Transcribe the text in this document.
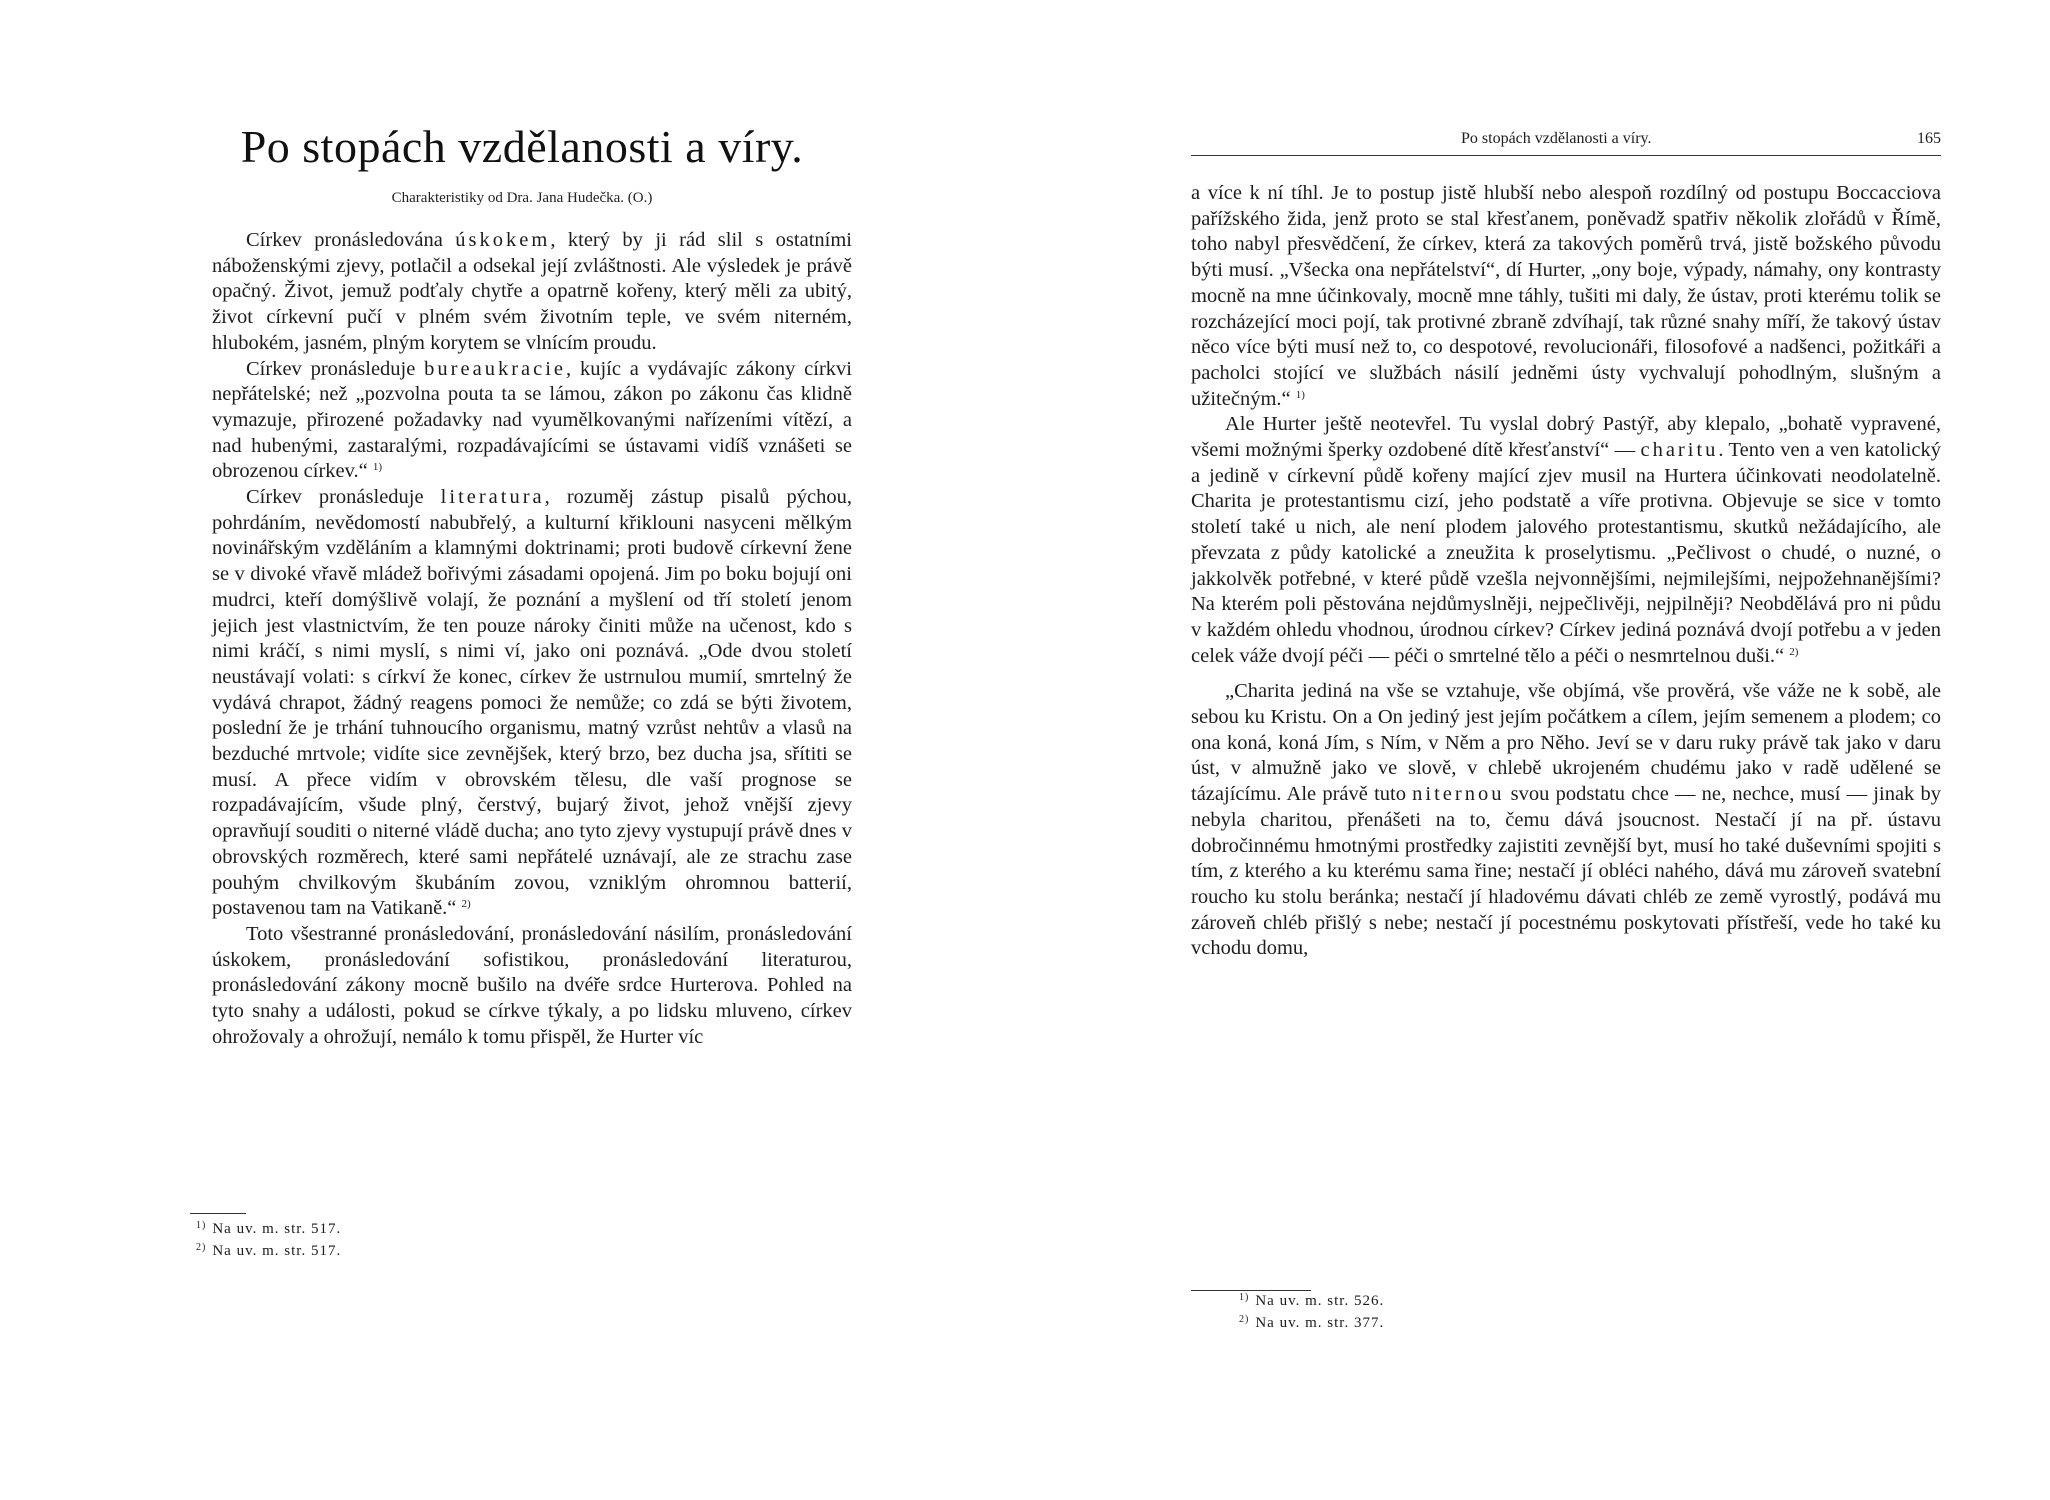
Po stopách vzdělanosti a víry.
Charakteristiky od Dra. Jana Hudečka. (O.)

Církev pronásledována úskokem, který by ji rád slil s ostatními náboženskými zjevy, potlačil a odsekal její zvláštnosti. Ale výsledek je právě opačný. Život, jemuž podťaly chytře a opatrně kořeny, který měli za ubitý, život církevní pučí v plném svém životním teple, ve svém niterném, hlubokém, jasném, plným korytem se vlnícím proudu.

Církev pronásleduje bureaukracie, kujíc a vydávajíc zákony církvi nepřátelské; než „pozvolna pouta ta se lámou, zákon po zákonu čas klidně vymazuje, přirozené požadavky nad vyumělkovanými nařízeními vítězí, a nad hubenými, zastaralými, rozpadávajícími se ústavami vidíš vznášeti se obrozenou církev.“ $^{1)}$

Církev pronásleduje literatura, rozuměj zástup pisalů pýchou, pohrdáním, nevědomostí nabubřelý, a kulturní křiklouni nasyceni mělkým novinářským vzděláním a klamnými doktrinami; proti budově církevní žene se v divoké vřavě mládež bořivými zásadami opojená. Jim po boku bojují oni mudrci, kteří domýšlivě volají, že poznání a myšlení od tří století jenom jejich jest vlastnictvím, že ten pouze nároky činiti může na učenost, kdo s nimi kráčí, s nimi myslí, s nimi ví, jako oni poznává. „Ode dvou století neustávají volati: s církví že konec, církev že ustrnulou mumií, smrtelný že vydává chrapot, žádný reagens pomoci že nemůže; co zdá se býti životem, poslední že je trhání tuhnoucího organismu, matný vzrůst nehtův a vlasů na bezduché mrtvole; vidíte sice zevnějšek, který brzo, bez ducha jsa, sřítiti se musí. A přece vidím v obrovském tělesu, dle vaší prognose se rozpadávajícím, všude plný, čerstvý, bujarý život, jehož vnější zjevy opravňují souditi o niterné vládě ducha; ano tyto zjevy vystupují právě dnes v obrovských rozměrech, které sami nepřátelé uznávají, ale ze strachu zase pouhým chvilkovým škubáním zovou, vzniklým ohromnou batterií, postavenou tam na Vatikaně.“ $^{2)}$

Toto všestranné pronásledování, pronásledování násilím, pronásledování úskokem, pronásledování sofistikou, pronásledování literaturou, pronásledování zákony mocně bušilo na dvéře srdce Hurterova. Pohled na tyto snahy a události, pokud se církve týkaly, a po lidsku mluveno, církev ohrožovaly a ohrožují, nemálo k tomu přispěl, že Hurter víc

$^{1)}$ Na uv. m. str. 517.
$^{2)}$ Na uv. m. str. 517.
Po stopách vzdělanosti a víry.	165

a více k ní tíhl. Je to postup jistě hlubší nebo alespoň rozdílný od postupu Boccacciova pařížského žida, jenž proto se stal křesťanem, poněvadž spatřiv několik zlořádů v Římě, toho nabyl přesvědčení, že církev, která za takových poměrů trvá, jistě božského původu býti musí. „Všecka ona nepřátelství“, dí Hurter, „ony boje, výpady, námahy, ony kontrasty mocně na mne účinkovaly, mocně mne táhly, tušiti mi daly, že ústav, proti kterému tolik se rozcházející moci pojí, tak protivné zbraně zdvíhají, tak různé snahy míří, že takový ústav něco více býti musí než to, co despotové, revolucionáři, filosofové a nadšenci, požitkáři a pacholci stojící ve službách násilí jedněmi ústy vychvalují pohodlným, slušným a užitečným.“ $^{1)}$

Ale Hurter ještě neotevřel. Tu vyslal dobrý Pastýř, aby klepalo, „bohatě vypravené, všemi možnými šperky ozdobené dítě křesťanství“ — charitu. Tento ven a ven katolický a jedině v církevní půdě kořeny mající zjev musil na Hurtera účinkovati neodolatelně. Charita je protestantismu cizí, jeho podstatě a víře protivna. Objevuje se sice v tomto století také u nich, ale není plodem jalového protestantismu, skutků nežádajícího, ale převzata z půdy katolické a zneužita k proselytismu. „Pečlivost o chudé, o nuzné, o jakkolvěk potřebné, v které půdě vzešla nejvonnějšími, nejmilejšími, nejpožehnanějšími? Na kterém poli pěstována nejdůmyslněji, nejpečlivěji, nejpilněji? Neobdělává pro ni půdu v každém ohledu vhodnou, úrodnou církev? Církev jediná poznává dvojí potřebu a v jeden celek váže dvojí péči — péči o smrtelné tělo a péči o nesmrtelnou duši.“ $^{2)}$

„Charita jediná na vše se vztahuje, vše objímá, vše prověrá, vše váže ne k sobě, ale sebou ku Kristu. On a On jediný jest jejím počátkem a cílem, jejím semenem a plodem; co ona koná, koná Jím, s Ním, v Něm a pro Něho. Jeví se v daru ruky právě tak jako v daru úst, v almužně jako ve slově, v chlebě ukrojeném chudému jako v radě udělené se tázajícímu. Ale právě tuto niternou svou podstatu chce — ne, nechce, musí — jinak by nebyla charitou, přenášeti na to, čemu dává jsoucnost. Nestačí jí na př. ústavu dobročinnému hmotnými prostředky zajistiti zevnější byt, musí ho také duševními spojiti s tím, z kterého a ku kterému sama řine; nestačí jí obléci nahého, dává mu zároveň svatební roucho ku stolu beránka; nestačí jí hladovému dávati chléb ze země vyrostlý, podává mu zároveň chléb přišlý s nebe; nestačí jí pocestnému poskytovati přístřeší, vede ho také ku vchodu domu,

$^{1)}$ Na uv. m. str. 526.
$^{2)}$ Na uv. m. str. 377.
